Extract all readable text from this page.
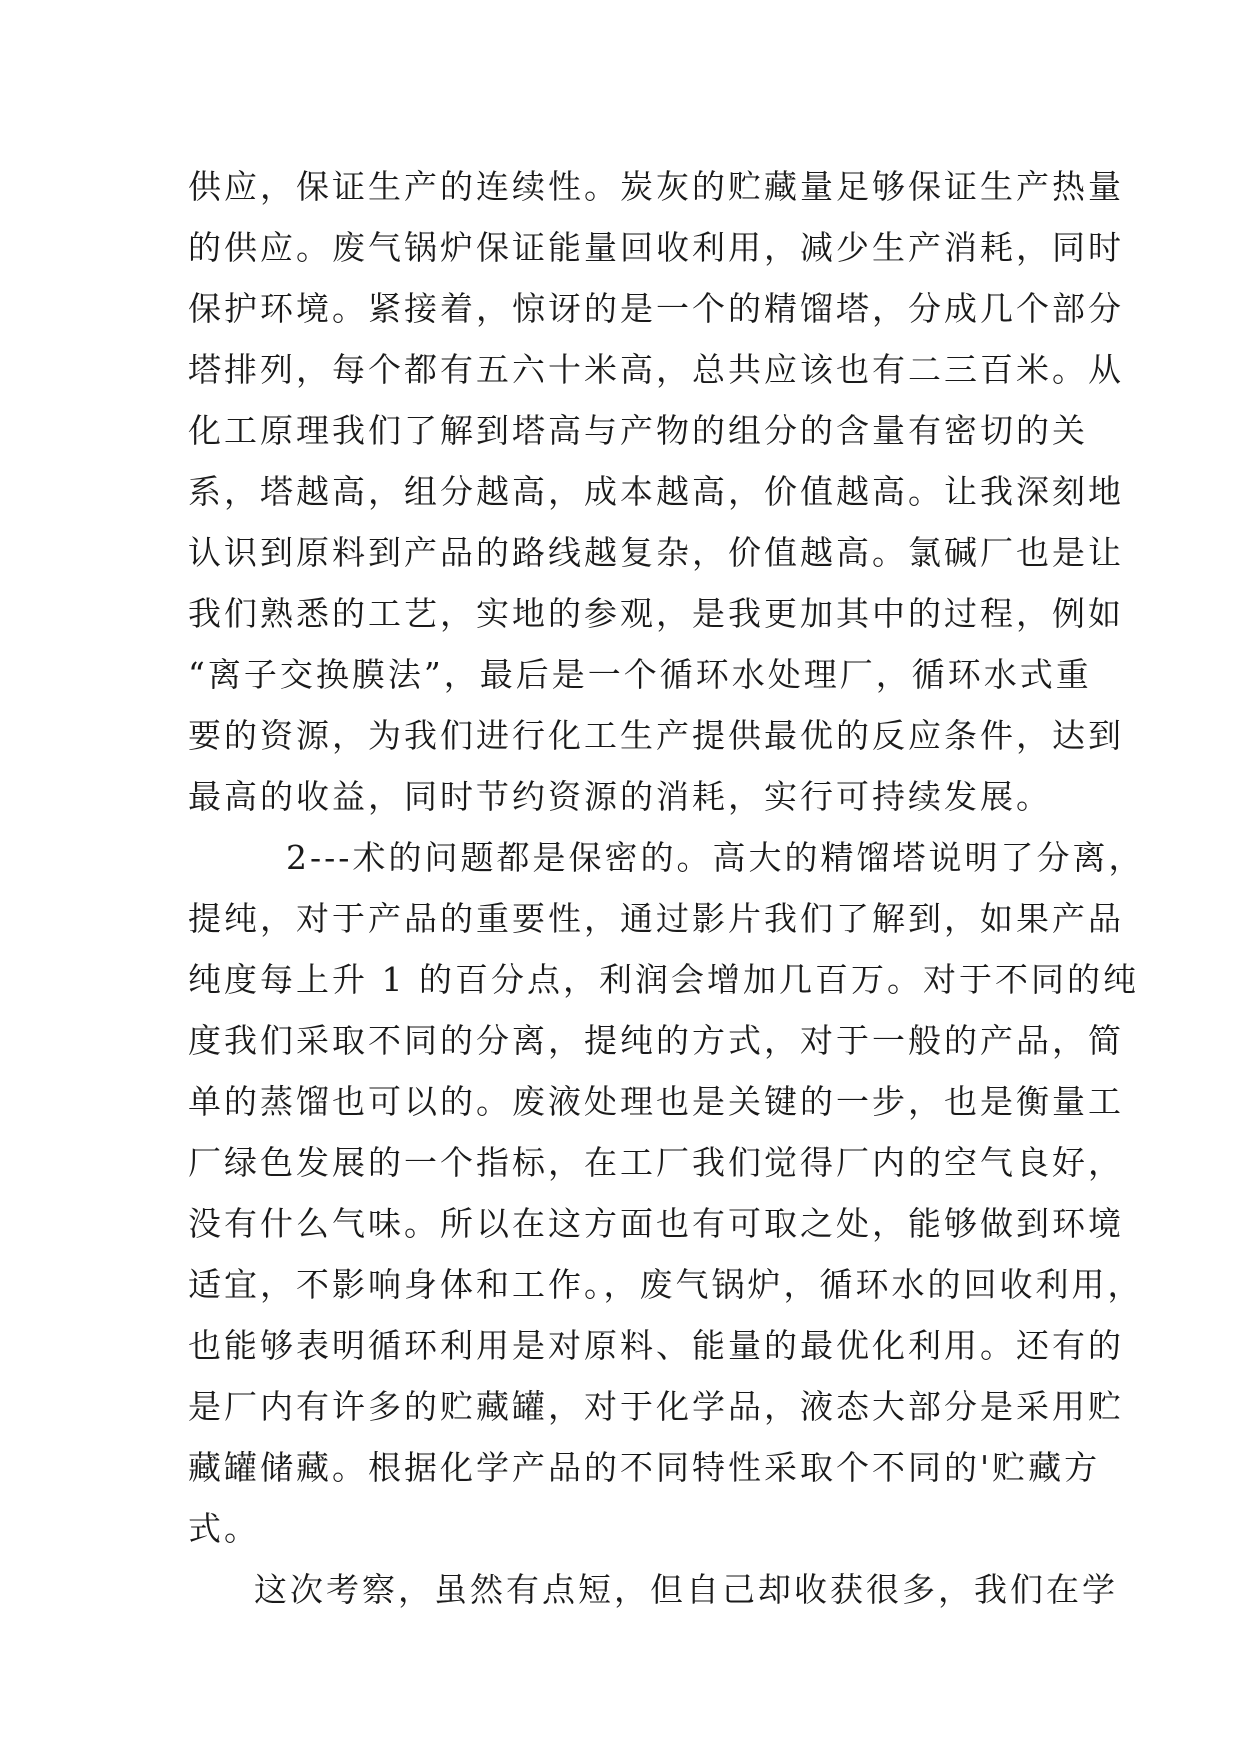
供应，保证生产的连续性。炭灰的贮藏量足够保证生产热量
的供应。废气锅炉保证能量回收利用，减少生产消耗，同时
保护环境。紧接着，惊讶的是一个的精馏塔，分成几个部分
塔排列，每个都有五六十米高，总共应该也有二三百米。从
化工原理我们了解到塔高与产物的组分的含量有密切的关
系，塔越高，组分越高，成本越高，价值越高。让我深刻地
认识到原料到产品的路线越复杂，价值越高。氯碱厂也是让
我们熟悉的工艺，实地的参观，是我更加其中的过程，例如
“离子交换膜法”，最后是一个循环水处理厂，循环水式重
要的资源，为我们进行化工生产提供最优的反应条件，达到
最高的收益，同时节约资源的消耗，实行可持续发展。
2---术的问题都是保密的。高大的精馏塔说明了分离，
提纯，对于产品的重要性，通过影片我们了解到，如果产品
纯度每上升 1 的百分点，利润会增加几百万。对于不同的纯
度我们采取不同的分离，提纯的方式，对于一般的产品，简
单的蒸馏也可以的。废液处理也是关键的一步，也是衡量工
厂绿色发展的一个指标，在工厂我们觉得厂内的空气良好，
没有什么气味。所以在这方面也有可取之处，能够做到环境
适宜，不影响身体和工作。，废气锅炉，循环水的回收利用，
也能够表明循环利用是对原料、能量的最优化利用。还有的
是厂内有许多的贮藏罐，对于化学品，液态大部分是采用贮
藏罐储藏。根据化学产品的不同特性采取个不同的'贮藏方
式。
这次考察，虽然有点短，但自己却收获很多，我们在学
